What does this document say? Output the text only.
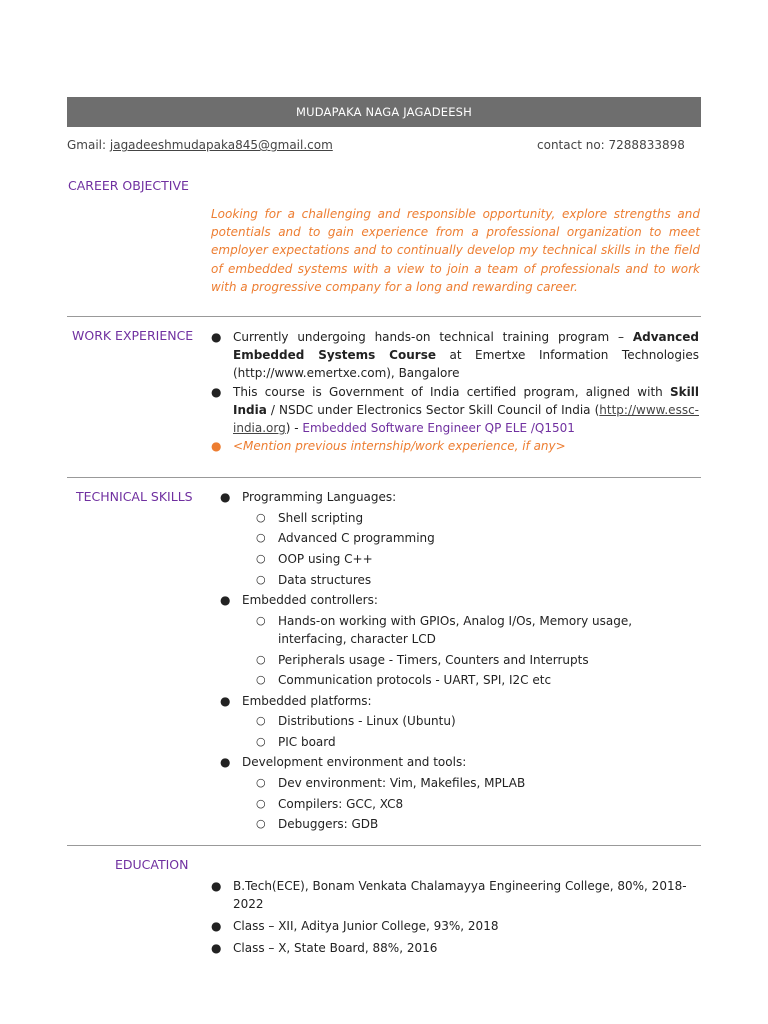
MUDAPAKA NAGA JAGADEESH
Gmail: jagadeeshmudapaka845@gmail.com	contact no: 7288833898
CAREER OBJECTIVE
Looking for a challenging and responsible opportunity, explore strengths and potentials and to gain experience from a professional organization to meet employer expectations and to continually develop my technical skills in the field of embedded systems with a view to join a team of professionals and to work with a progressive company for a long and rewarding career.
WORK EXPERIENCE ● Currently undergoing hands-on technical training program – Advanced Embedded Systems Course at Emertxe Information Technologies (http://www.emertxe.com), Bangalore
● This course is Government of India certified program, aligned with Skill India / NSDC under Electronics Sector Skill Council of India (http://www.essc-india.org) - Embedded Software Engineer QP ELE /Q1501
● <Mention previous internship/work experience, if any>
TECHNICAL SKILLS ● Programming Languages:
○ Shell scripting
○ Advanced C programming
○ OOP using C++
○ Data structures
● Embedded controllers:
○ Hands-on working with GPIOs, Analog I/Os, Memory usage, interfacing, character LCD
○ Peripherals usage - Timers, Counters and Interrupts
○ Communication protocols - UART, SPI, I2C etc
● Embedded platforms:
○ Distributions - Linux (Ubuntu)
○ PIC board
● Development environment and tools:
○ Dev environment: Vim, Makefiles, MPLAB
○ Compilers: GCC, XC8
○ Debuggers: GDB
EDUCATION
● B.Tech(ECE), Bonam Venkata Chalamayya Engineering College, 80%, 2018-2022
● Class – XII, Aditya Junior College, 93%, 2018
● Class – X, State Board, 88%, 2016
